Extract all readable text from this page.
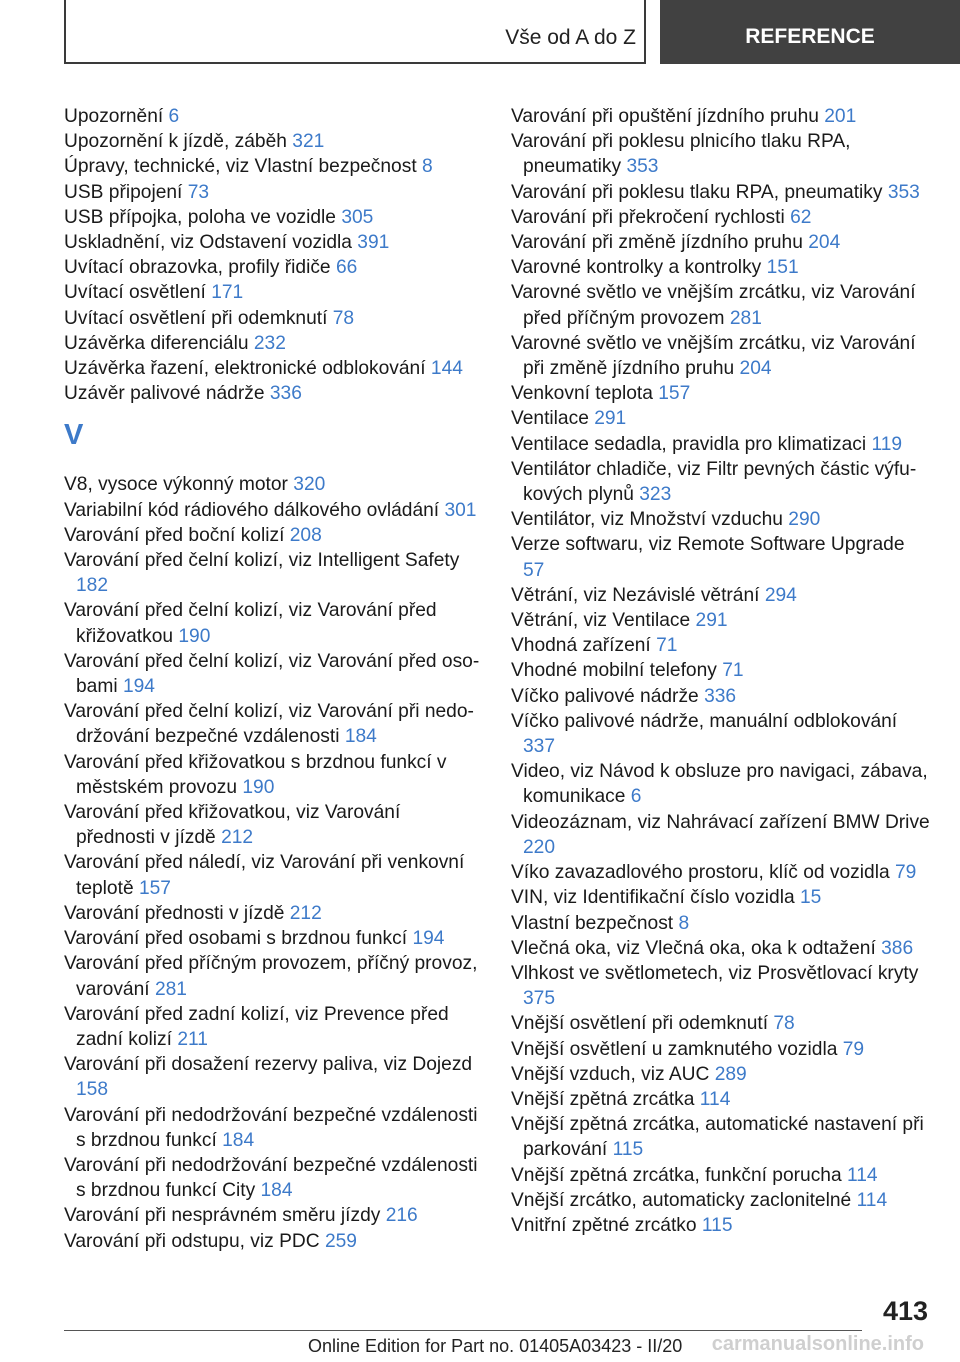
Vše od A do Z	REFERENCE

Upozornění 6

Upozornění k jízdě, záběh 321

Úpravy, technické, viz Vlastní bezpečnost 8

USB připojení 73

USB přípojka, poloha ve vozidle 305

Uskladnění, viz Odstavení vozidla 391

Uvítací obrazovka, profily řidiče 66

Uvítací osvětlení 171

Uvítací osvětlení při odemknutí 78

Uzávěrka diferenciálu 232

Uzávěrka řazení, elektronické odblokování 144

Uzávěr palivové nádrže 336

V

V8, vysoce výkonný motor 320

Variabilní kód rádiového dálkového ovládání 301

Varování před boční kolizí 208

Varování před čelní kolizí, viz Intelligent Safety 182

Varování před čelní kolizí, viz Varování před křižovatkou 190

Varování před čelní kolizí, viz Varování před osobami 194

Varování před čelní kolizí, viz Varování při nedodržování bezpečné vzdálenosti 184

Varování před křižovatkou s brzdnou funkcí v městském provozu 190

Varování před křižovatkou, viz Varování přednosti v jízdě 212

Varování před náledí, viz Varování při venkovní teplotě 157

Varování přednosti v jízdě 212

Varování před osobami s brzdnou funkcí 194

Varování před příčným provozem, příčný provoz, varování 281

Varování před zadní kolizí, viz Prevence před zadní kolizí 211

Varování při dosažení rezervy paliva, viz Dojezd 158

Varování při nedodržování bezpečné vzdálenosti s brzdnou funkcí 184

Varování při nedodržování bezpečné vzdálenosti s brzdnou funkcí City 184

Varování při nesprávném směru jízdy 216

Varování při odstupu, viz PDC 259

Varování při opuštění jízdního pruhu 201

Varování při poklesu plnicího tlaku RPA, pneumatiky 353

Varování při poklesu tlaku RPA, pneumatiky 353

Varování při překročení rychlosti 62

Varování při změně jízdního pruhu 204

Varovné kontrolky a kontrolky 151

Varovné světlo ve vnějším zrcátku, viz Varování před příčným provozem 281

Varovné světlo ve vnějším zrcátku, viz Varování při změně jízdního pruhu 204

Venkovní teplota 157

Ventilace 291

Ventilace sedadla, pravidla pro klimatizaci 119

Ventilátor chladiče, viz Filtr pevných částic výfukových plynů 323

Ventilátor, viz Množství vzduchu 290

Verze softwaru, viz Remote Software Upgrade 57

Větrání, viz Nezávislé větrání 294

Větrání, viz Ventilace 291

Vhodná zařízení 71

Vhodné mobilní telefony 71

Víčko palivové nádrže 336

Víčko palivové nádrže, manuální odblokování 337

Video, viz Návod k obsluze pro navigaci, zábava, komunikace 6

Videozáznam, viz Nahrávací zařízení BMW Drive 220

Víko zavazadlového prostoru, klíč od vozidla 79

VIN, viz Identifikační číslo vozidla 15

Vlastní bezpečnost 8

Vlečná oka, viz Vlečná oka, oka k odtažení 386

Vlhkost ve světlometech, viz Prosvětlovací kryty 375

Vnější osvětlení při odemknutí 78

Vnější osvětlení u zamknutého vozidla 79

Vnější vzduch, viz AUC 289

Vnější zpětná zrcátka 114

Vnější zpětná zrcátka, automatické nastavení při parkování 115

Vnější zpětná zrcátka, funkční porucha 114

Vnější zrcátko, automaticky zaclonitelné 114

Vnitřní zpětné zrcátko 115

413
Online Edition for Part no. 01405A03423 - II/20 carmanualsonline.info
